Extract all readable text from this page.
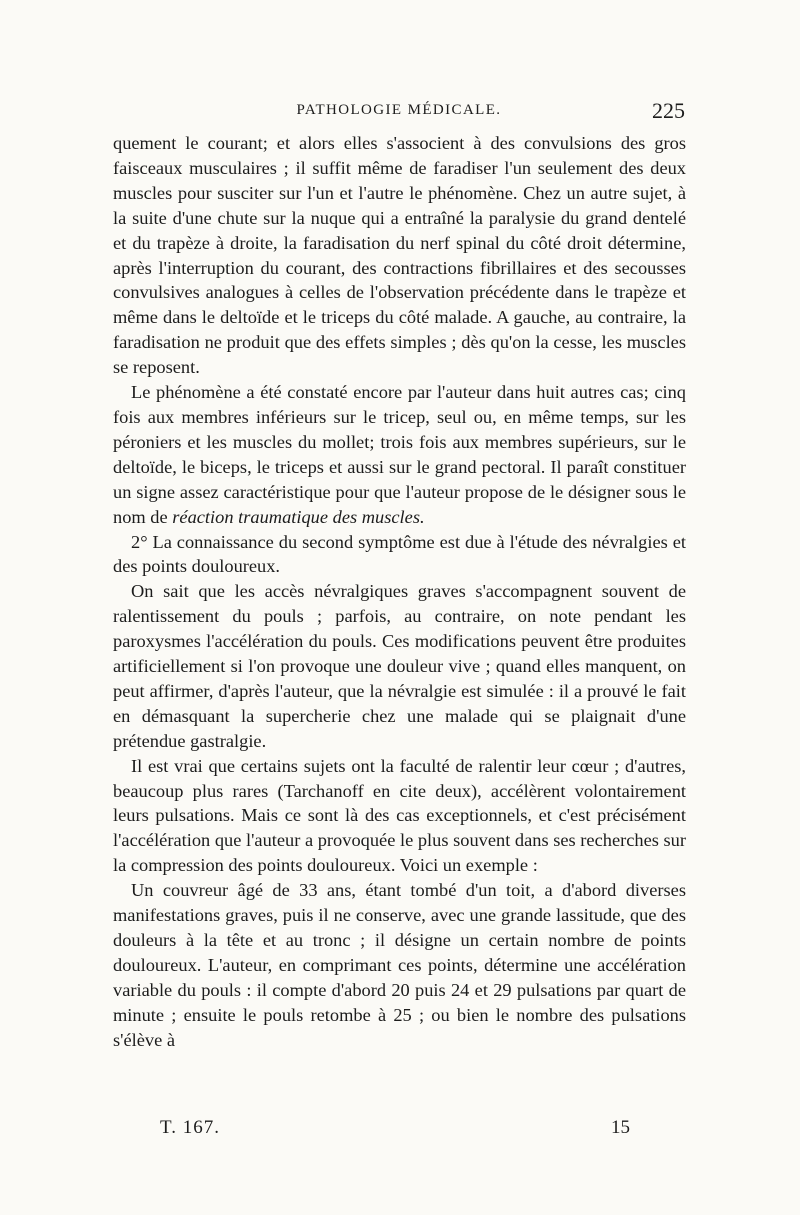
PATHOLOGIE MÉDICALE.	225

quement le courant; et alors elles s'associent à des convulsions des gros faisceaux musculaires ; il suffit même de faradiser l'un seulement des deux muscles pour susciter sur l'un et l'autre le phénomène. Chez un autre sujet, à la suite d'une chute sur la nuque qui a entraîné la paralysie du grand dentelé et du trapèze à droite, la faradisation du nerf spinal du côté droit détermine, après l'interruption du courant, des contractions fibrillaires et des secousses convulsives analogues à celles de l'observation précédente dans le trapèze et même dans le deltoïde et le triceps du côté malade. A gauche, au contraire, la faradisation ne produit que des effets simples ; dès qu'on la cesse, les muscles se reposent.

Le phénomène a été constaté encore par l'auteur dans huit autres cas; cinq fois aux membres inférieurs sur le tricep, seul ou, en même temps, sur les péroniers et les muscles du mollet; trois fois aux membres supérieurs, sur le deltoïde, le biceps, le triceps et aussi sur le grand pectoral. Il paraît constituer un signe assez caractéristique pour que l'auteur propose de le désigner sous le nom de réaction traumatique des muscles.

2° La connaissance du second symptôme est due à l'étude des névralgies et des points douloureux.

On sait que les accès névralgiques graves s'accompagnent souvent de ralentissement du pouls ; parfois, au contraire, on note pendant les paroxysmes l'accélération du pouls. Ces modifications peuvent être produites artificiellement si l'on provoque une douleur vive ; quand elles manquent, on peut affirmer, d'après l'auteur, que la névralgie est simulée : il a prouvé le fait en démasquant la supercherie chez une malade qui se plaignait d'une prétendue gastralgie.

Il est vrai que certains sujets ont la faculté de ralentir leur cœur ; d'autres, beaucoup plus rares (Tarchanoff en cite deux), accélèrent volontairement leurs pulsations. Mais ce sont là des cas exceptionnels, et c'est précisément l'accélération que l'auteur a provoquée le plus souvent dans ses recherches sur la compression des points douloureux. Voici un exemple :

Un couvreur âgé de 33 ans, étant tombé d'un toit, a d'abord diverses manifestations graves, puis il ne conserve, avec une grande lassitude, que des douleurs à la tête et au tronc ; il désigne un certain nombre de points douloureux. L'auteur, en comprimant ces points, détermine une accélération variable du pouls : il compte d'abord 20 puis 24 et 29 pulsations par quart de minute ; ensuite le pouls retombe à 25 ; ou bien le nombre des pulsations s'élève à

T. 167.	15
